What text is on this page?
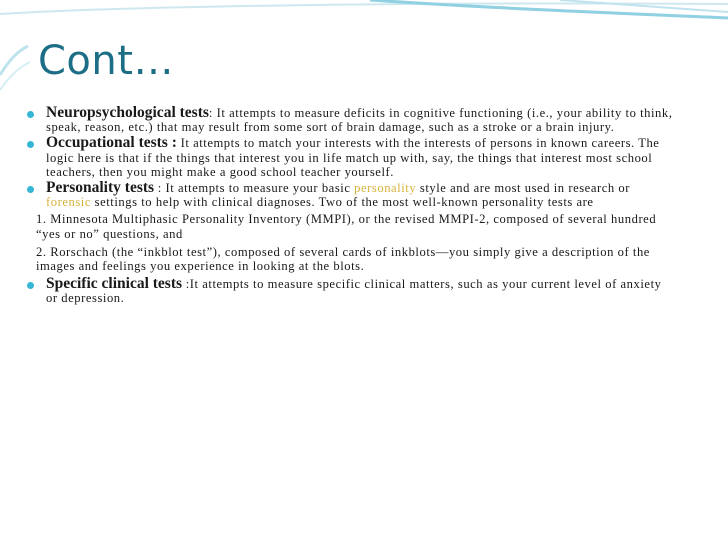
Cont…
Neuropsychological tests: It attempts to measure deficits in cognitive functioning (i.e., your ability to think, speak, reason, etc.) that may result from some sort of brain damage, such as a stroke or a brain injury.
Occupational tests : It attempts to match your interests with the interests of persons in known careers. The logic here is that if the things that interest you in life match up with, say, the things that interest most school teachers, then you might make a good school teacher yourself.
Personality tests : It attempts to measure your basic personality style and are most used in research or forensic settings to help with clinical diagnoses. Two of the most well-known personality tests are
1. Minnesota Multiphasic Personality Inventory (MMPI), or the revised MMPI-2, composed of several hundred “yes or no” questions, and
2. Rorschach (the “inkblot test”), composed of several cards of inkblots—you simply give a description of the images and feelings you experience in looking at the blots.
Specific clinical tests :It attempts to measure specific clinical matters, such as your current level of anxiety or depression.
